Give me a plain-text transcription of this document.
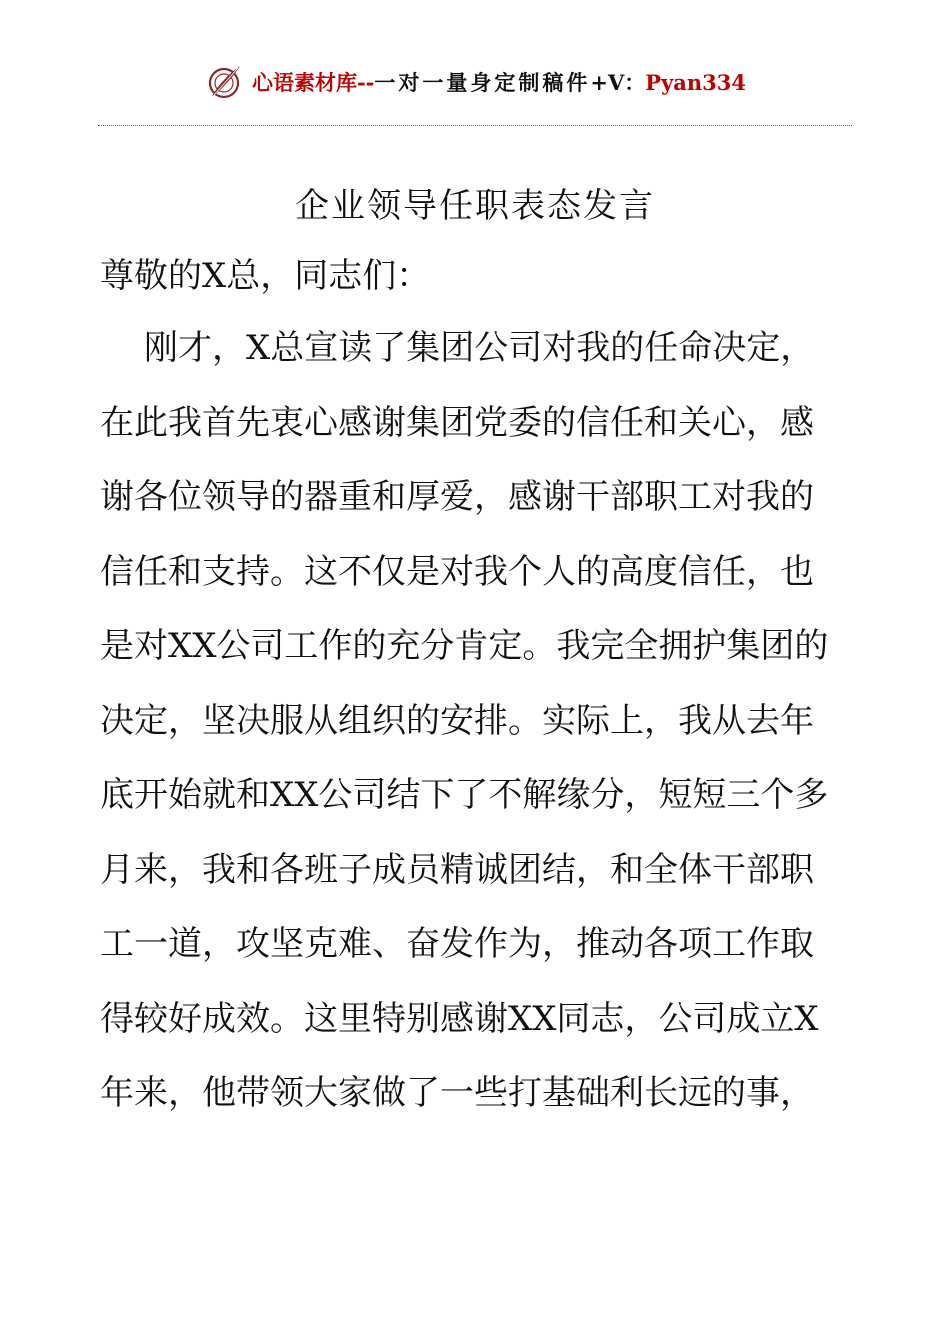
心语素材库--一对一量身定制稿件+V：Pyan334
企业领导任职表态发言
尊敬的X总，同志们：
刚才，X总宣读了集团公司对我的任命决定，
在此我首先衷心感谢集团党委的信任和关心，感
谢各位领导的器重和厚爱，感谢干部职工对我的
信任和支持。这不仅是对我个人的高度信任，也
是对XX公司工作的充分肯定。我完全拥护集团的
决定，坚决服从组织的安排。实际上，我从去年
底开始就和XX公司结下了不解缘分，短短三个多
月来，我和各班子成员精诚团结，和全体干部职
工一道，攻坚克难、奋发作为，推动各项工作取
得较好成效。这里特别感谢XX同志，公司成立X
年来，他带领大家做了一些打基础利长远的事，
